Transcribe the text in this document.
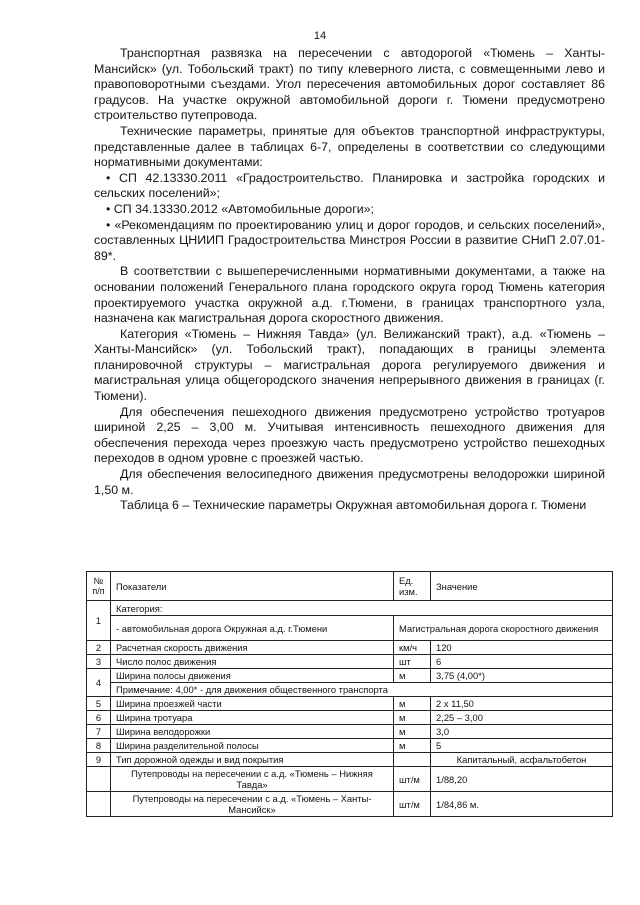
14

Транспортная развязка на пересечении с автодорогой «Тюмень – Ханты-Мансийск» (ул. Тобольский тракт) по типу клеверного листа, с совмещенными лево и правоповоротными съездами. Угол пересечения автомобильных дорог составляет 86 градусов. На участке окружной автомобильной дороги г. Тюмени предусмотрено строительство путепровода.

Технические параметры, принятые для объектов транспортной инфраструктуры, представленные далее в таблицах 6-7, определены в соответствии со следующими нормативными документами:

• СП 42.13330.2011 «Градостроительство. Планировка и застройка городских и сельских поселений»;

• СП 34.13330.2012 «Автомобильные дороги»;

• «Рекомендациям по проектированию улиц и дорог городов, и сельских поселений», составленных ЦНИИП Градостроительства Минстроя России в развитие СНиП 2.07.01-89*.

В соответствии с вышеперечисленными нормативными документами, а также на основании положений Генерального плана городского округа город Тюмень категория проектируемого участка окружной а.д. г.Тюмени, в границах транспортного узла, назначена как магистральная дорога скоростного движения.

Категория «Тюмень – Нижняя Тавда» (ул. Велижанский тракт), а.д. «Тюмень – Ханты-Мансийск» (ул. Тобольский тракт), попадающих в границы элемента планировочной структуры – магистральная дорога регулируемого движения и магистральная улица общегородского значения непрерывного движения в границах (г. Тюмени).

Для обеспечения пешеходного движения предусмотрено устройство тротуаров шириной 2,25 – 3,00 м. Учитывая интенсивность пешеходного движения для обеспечения перехода через проезжую часть предусмотрено устройство пешеходных переходов в одном уровне с проезжей частью.

Для обеспечения велосипедного движения предусмотрены велодорожки шириной 1,50 м.

Таблица 6 – Технические параметры Окружная автомобильная дорога г. Тюмени

№ п/п	Показатели	Ед. изм.	Значение
1	Категория:		
	- автомобильная дорога Окружная а.д. г.Тюмени	Магистральная дорога скоростного движения	
2	Расчетная скорость движения	км/ч	120
3	Число полос движения	шт	6
4	Ширина полосы движения	м	3,75 (4,00*)
	Примечание: 4,00* - для движения общественного транспорта		
5	Ширина проезжей части	м	2 х 11,50
6	Ширина тротуара	м	2,25 – 3,00
7	Ширина велодорожки	м	3,0
8	Ширина разделительной полосы	м	5
9	Тип дорожной одежды и вид покрытия		Капитальный, асфальтобетон
	Путепроводы на пересечении с а.д. «Тюмень – Нижняя Тавда»	шт/м	1/88,20
	Путепроводы на пересечении с а.д. «Тюмень – Ханты-Мансийск»	шт/м	1/84,86 м.
